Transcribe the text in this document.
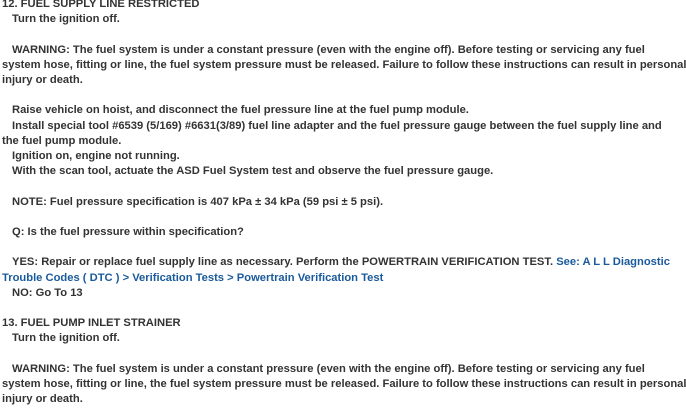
12. FUEL SUPPLY LINE RESTRICTED
Turn the ignition off.
WARNING: The fuel system is under a constant pressure (even with the engine off). Before testing or servicing any fuel
system hose, fitting or line, the fuel system pressure must be released. Failure to follow these instructions can result in personal
injury or death.
Raise vehicle on hoist, and disconnect the fuel pressure line at the fuel pump module.
Install special tool #6539 (5/169) #6631(3/89) fuel line adapter and the fuel pressure gauge between the fuel supply line and
the fuel pump module.
Ignition on, engine not running.
With the scan tool, actuate the ASD Fuel System test and observe the fuel pressure gauge.
NOTE: Fuel pressure specification is 407 kPa ± 34 kPa (59 psi ± 5 psi).
Q: Is the fuel pressure within specification?
YES: Repair or replace fuel supply line as necessary. Perform the POWERTRAIN VERIFICATION TEST. See: A L L Diagnostic
Trouble Codes ( DTC ) > Verification Tests > Powertrain Verification Test
NO: Go To 13
13. FUEL PUMP INLET STRAINER
Turn the ignition off.
WARNING: The fuel system is under a constant pressure (even with the engine off). Before testing or servicing any fuel
system hose, fitting or line, the fuel system pressure must be released. Failure to follow these instructions can result in personal
injury or death.
